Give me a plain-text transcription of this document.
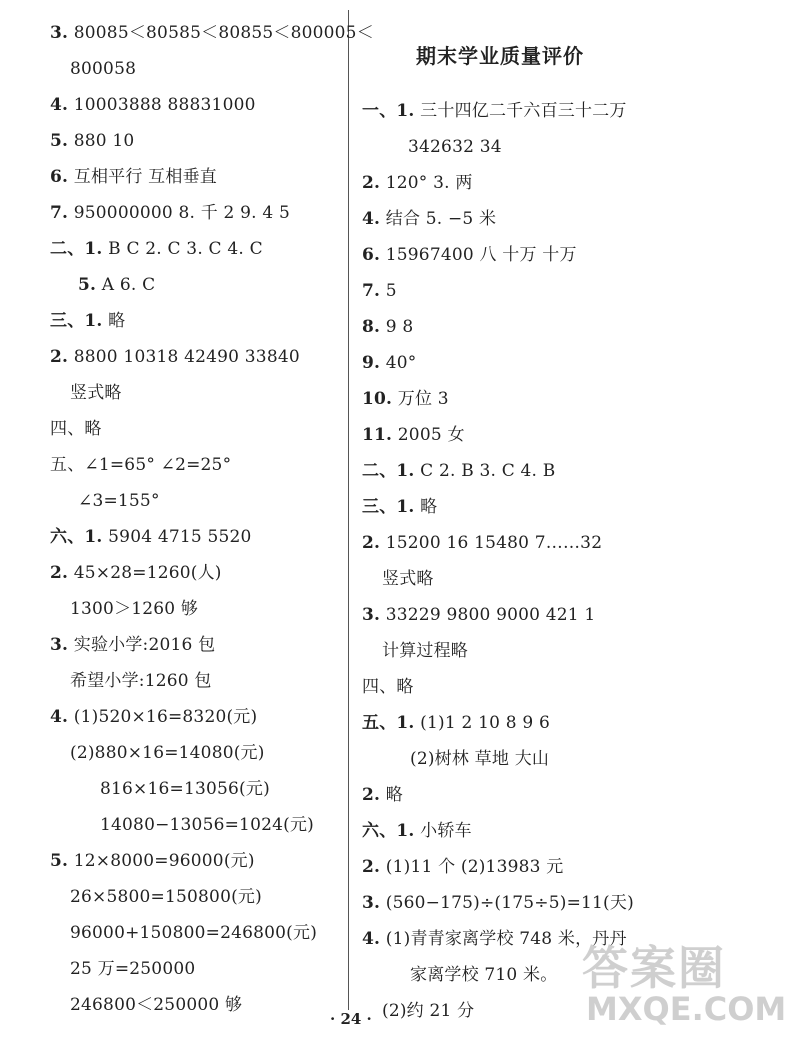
3. 80085＜80585＜80855＜800005＜
800058
4. 10003888 88831000
5. 880 10
6. 互相平行 互相垂直
7. 950000000 8. 千 2 9. 4 5
二、1. B C 2. C 3. C 4. C
5. A 6. C
三、1. 略
2. 8800 10318 42490 33840
竖式略
四、略
五、∠1=65° ∠2=25°
∠3=155°
六、1. 5904 4715 5520
2. 45×28=1260(人)
1300＞1260 够
3. 实验小学:2016 包
希望小学:1260 包
4. (1)520×16=8320(元)
(2)880×16=14080(元)
816×16=13056(元)
14080−13056=1024(元)
5. 12×8000=96000(元)
26×5800=150800(元)
96000+150800=246800(元)
25 万=250000
246800＜250000 够
期末学业质量评价
一、1. 三十四亿二千六百三十二万
342632 34
2. 120° 3. 两
4. 结合 5. −5 米
6. 15967400 八 十万 十万
7. 5
8. 9 8
9. 40°
10. 万位 3
11. 2005 女
二、1. C 2. B 3. C 4. B
三、1. 略
2. 15200 16 15480 7……32
竖式略
3. 33229 9800 9000 421 1
计算过程略
四、略
五、1. (1)1 2 10 8 9 6
(2)树林 草地 大山
2. 略
六、1. 小轿车
2. (1)11 个 (2)13983 元
3. (560−175)÷(175÷5)=11(天)
4. (1)青青家离学校 748 米，丹丹
家离学校 710 米。
(2)约 21 分
· 24 ·
答案圈
MXQE.COM
